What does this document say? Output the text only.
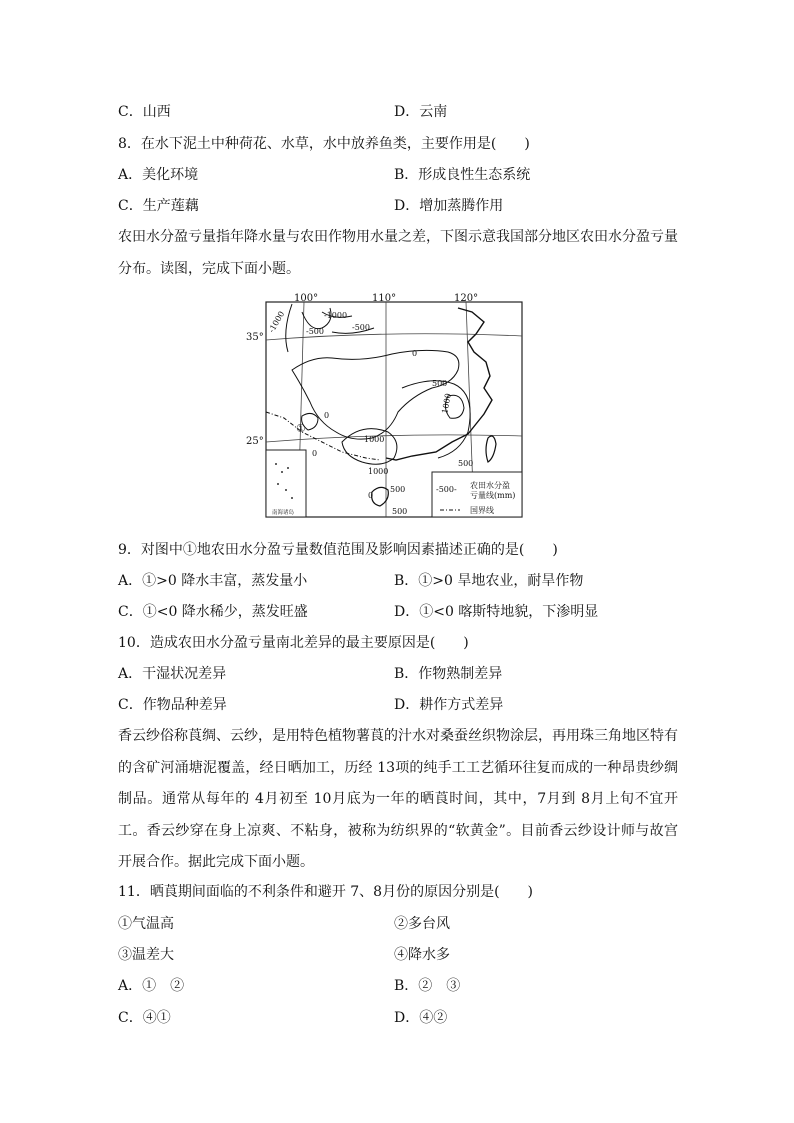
C．山西	D．云南
8．在水下泥土中种荷花、水草，水中放养鱼类，主要作用是(　　)
A．美化环境	B．形成良性生态系统
C．生产莲藕	D．增加蒸腾作用
农田水分盈亏量指年降水量与农田作物用水量之差，下图示意我国部分地区农田水分盈亏量分布。读图，完成下面小题。
南海诸岛
-500- 农田水分盈
亏量线(mm)
国界线
100°	110°	120°
35°
25°
-1000 -500
-1000
-500
0
0
500
1000
0
1000
1000
500
500
500
0
①
9．对图中①地农田水分盈亏量数值范围及影响因素描述正确的是(　　)
A．①>0 降水丰富，蒸发量小	B．①>0 旱地农业，耐旱作物
C．①<0 降水稀少，蒸发旺盛	D．①<0 喀斯特地貌，下渗明显
10．造成农田水分盈亏量南北差异的最主要原因是(　　)
A．干湿状况差异	B．作物熟制差异
C．作物品种差异	D．耕作方式差异
香云纱俗称莨绸、云纱，是用特色植物薯莨的汁水对桑蚕丝织物涂层，再用珠三角地区特有的含矿河涌塘泥覆盖，经日晒加工，历经 13项的纯手工工艺循环往复而成的一种昂贵纱绸制品。通常从每年的 4月初至 10月底为一年的晒莨时间，其中，7月到 8月上旬不宜开工。香云纱穿在身上凉爽、不粘身，被称为纺织界的“软黄金”。目前香云纱设计师与故宫开展合作。据此完成下面小题。
11．晒莨期间面临的不利条件和避开 7、8月份的原因分别是(　　)
①气温高	②多台风
③温差大	④降水多
A．①　②	B．②　③
C．④①	D．④②
